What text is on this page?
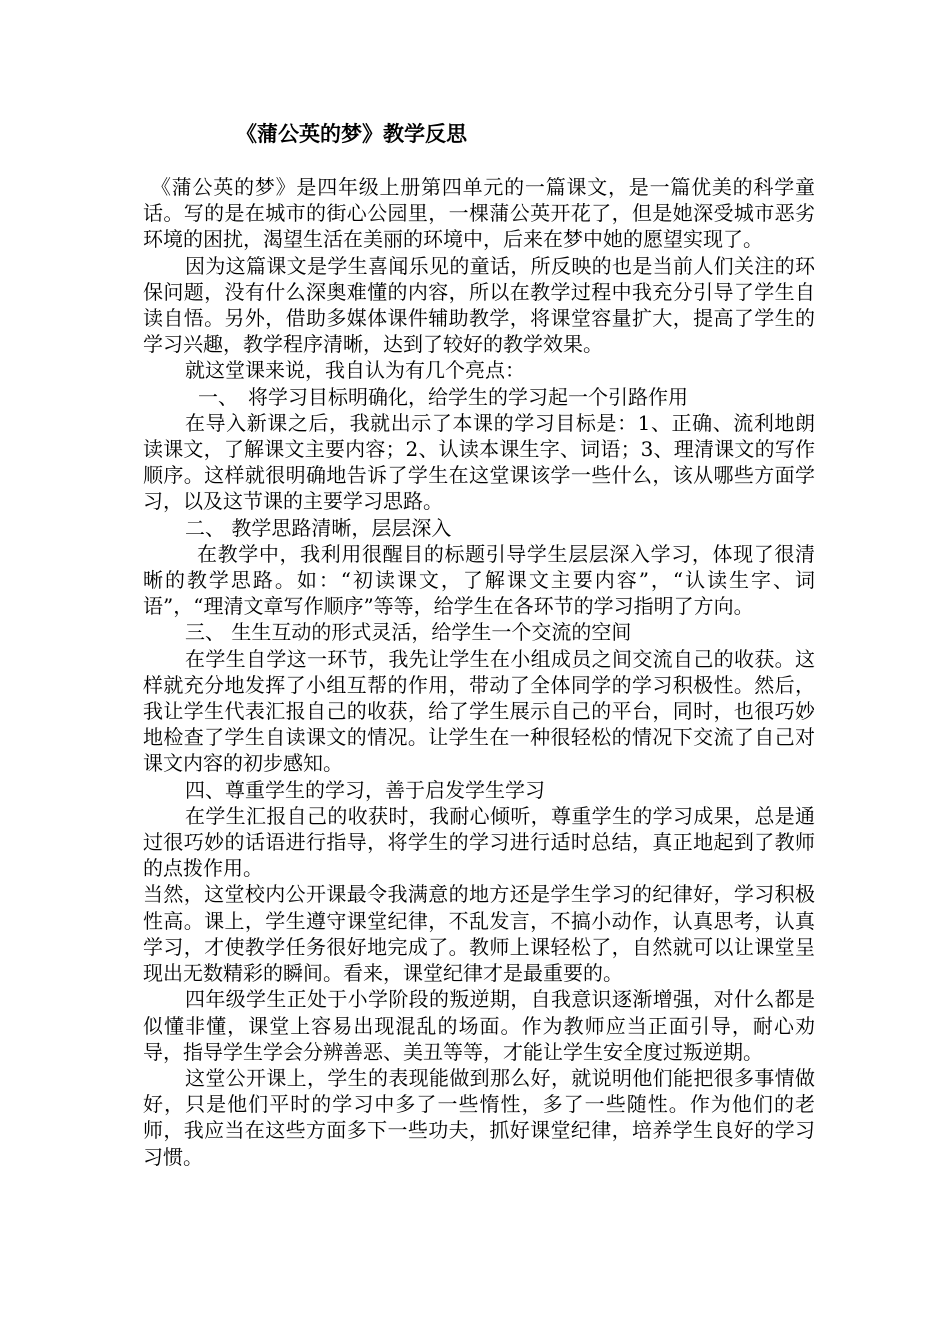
《蒲公英的梦》教学反思

《蒲公英的梦》是四年级上册第四单元的一篇课文，是一篇优美的科学童话。写的是在城市的街心公园里，一棵蒲公英开花了，但是她深受城市恶劣环境的困扰，渴望生活在美丽的环境中，后来在梦中她的愿望实现了。

因为这篇课文是学生喜闻乐见的童话，所反映的也是当前人们关注的环保问题，没有什么深奥难懂的内容，所以在教学过程中我充分引导了学生自读自悟。另外，借助多媒体课件辅助教学，将课堂容量扩大，提高了学生的学习兴趣，教学程序清晰，达到了较好的教学效果。

就这堂课来说，我自认为有几个亮点：

一、　将学习目标明确化，给学生的学习起一个引路作用

在导入新课之后，我就出示了本课的学习目标是：1、正确、流利地朗读课文，了解课文主要内容；2、认读本课生字、词语；3、理清课文的写作顺序。这样就很明确地告诉了学生在这堂课该学一些什么，该从哪些方面学习，以及这节课的主要学习思路。

二、 教学思路清晰，层层深入

在教学中，我利用很醒目的标题引导学生层层深入学习，体现了很清晰的教学思路。如：“初读课文，了解课文主要内容”，“认读生字、词语”，“理清文章写作顺序”等等，给学生在各环节的学习指明了方向。

三、 生生互动的形式灵活，给学生一个交流的空间

在学生自学这一环节，我先让学生在小组成员之间交流自己的收获。这样就充分地发挥了小组互帮的作用，带动了全体同学的学习积极性。然后，我让学生代表汇报自己的收获，给了学生展示自己的平台，同时，也很巧妙地检查了学生自读课文的情况。让学生在一种很轻松的情况下交流了自己对课文内容的初步感知。

四、尊重学生的学习，善于启发学生学习

在学生汇报自己的收获时，我耐心倾听，尊重学生的学习成果，总是通过很巧妙的话语进行指导，将学生的学习进行适时总结，真正地起到了教师的点拨作用。

当然，这堂校内公开课最令我满意的地方还是学生学习的纪律好，学习积极性高。课上，学生遵守课堂纪律，不乱发言，不搞小动作，认真思考，认真学习，才使教学任务很好地完成了。教师上课轻松了，自然就可以让课堂呈现出无数精彩的瞬间。看来，课堂纪律才是最重要的。

四年级学生正处于小学阶段的叛逆期，自我意识逐渐增强，对什么都是似懂非懂，课堂上容易出现混乱的场面。作为教师应当正面引导，耐心劝导，指导学生学会分辨善恶、美丑等等，才能让学生安全度过叛逆期。

这堂公开课上，学生的表现能做到那么好，就说明他们能把很多事情做好，只是他们平时的学习中多了一些惰性，多了一些随性。作为他们的老师，我应当在这些方面多下一些功夫，抓好课堂纪律，培养学生良好的学习习惯。
